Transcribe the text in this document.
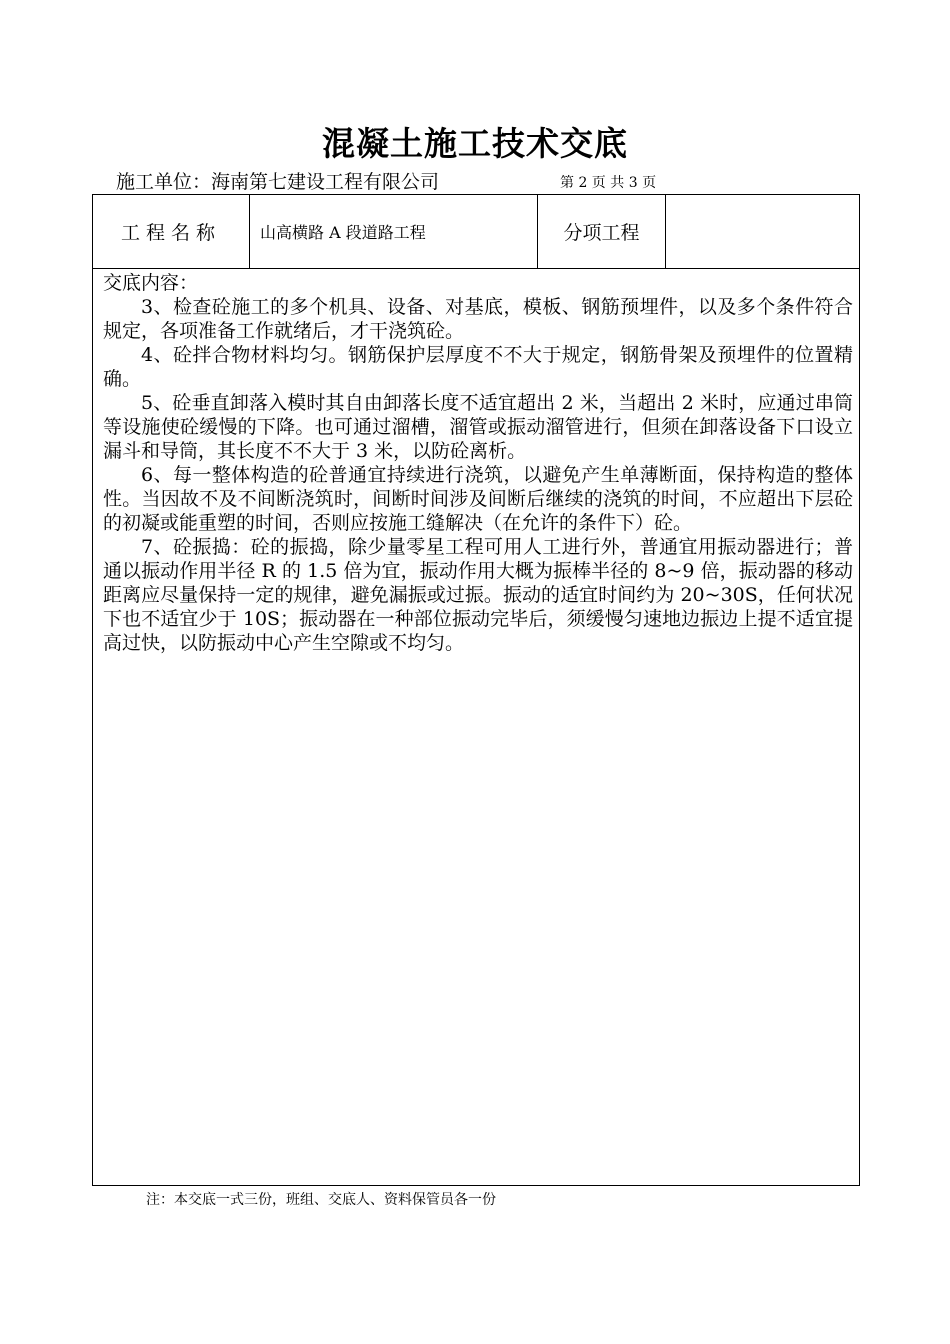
混凝土施工技术交底
施工单位：海南第七建设工程有限公司	第 2 页 共 3 页
工程名称	山高横路 A 段道路工程	分项工程

交底内容：

3、检查砼施工的多个机具、设备、对基底，模板、钢筋预埋件，以及多个条件符合规定，各项准备工作就绪后，才干浇筑砼。

4、砼拌合物材料均匀。钢筋保护层厚度不不大于规定，钢筋骨架及预埋件的位置精确。

5、砼垂直卸落入模时其自由卸落长度不适宜超出 2 米，当超出 2 米时，应通过串筒等设施使砼缓慢的下降。也可通过溜槽，溜管或振动溜管进行，但须在卸落设备下口设立漏斗和导筒，其长度不不大于 3 米，以防砼离析。

6、每一整体构造的砼普通宜持续进行浇筑，以避免产生单薄断面，保持构造的整体性。当因故不及不间断浇筑时，间断时间涉及间断后继续的浇筑的时间，不应超出下层砼的初凝或能重塑的时间，否则应按施工缝解决（在允许的条件下）砼。

7、砼振捣：砼的振捣，除少量零星工程可用人工进行外，普通宜用振动器进行；普通以振动作用半径 R 的 1.5 倍为宜，振动作用大概为振棒半径的 8~9 倍，振动器的移动距离应尽量保持一定的规律，避免漏振或过振。振动的适宜时间约为 20~30S，任何状况下也不适宜少于 10S；振动器在一种部位振动完毕后，须缓慢匀速地边振边上提不适宜提高过快，以防振动中心产生空隙或不均匀。

注：本交底一式三份，班组、交底人、资料保管员各一份
